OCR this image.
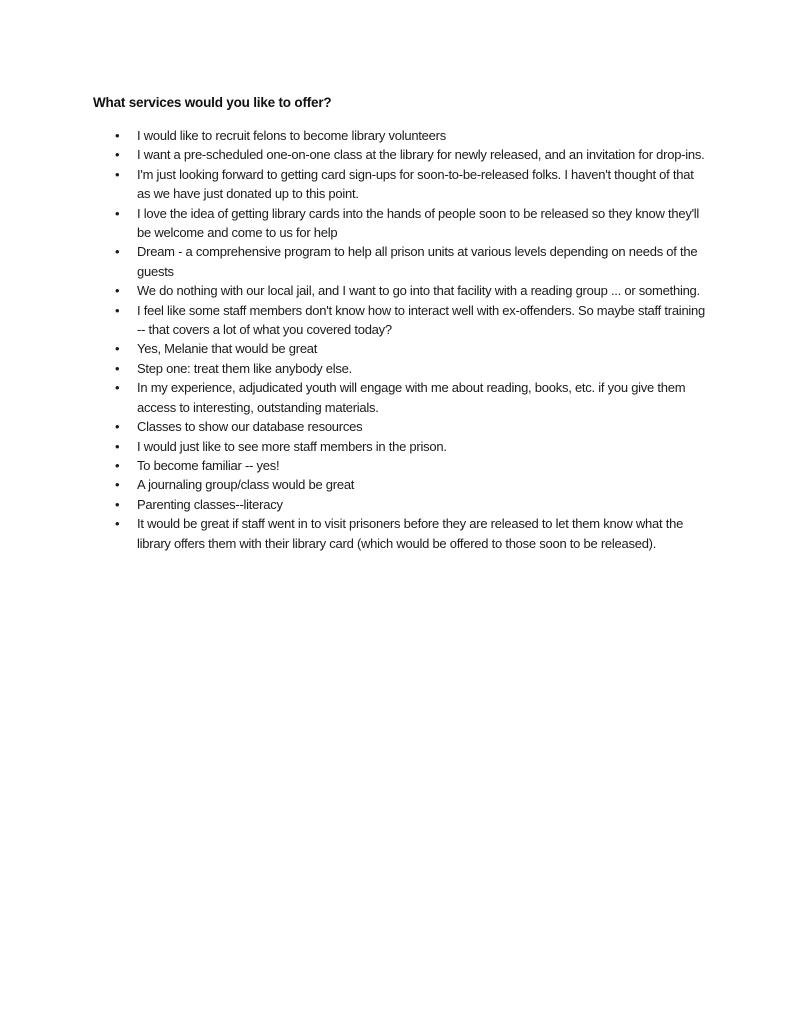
What services would you like to offer?
• I would like to recruit felons to become library volunteers
• I want a pre-scheduled one-on-one class at the library for newly released, and an invitation for drop-ins.
• I'm just looking forward to getting card sign-ups for soon-to-be-released folks. I haven't thought of that as we have just donated up to this point.
• I love the idea of getting library cards into the hands of people soon to be released so they know they'll be welcome and come to us for help
• Dream - a comprehensive program to help all prison units at various levels depending on needs of the guests
• We do nothing with our local jail, and I want to go into that facility with a reading group ... or something.
• I feel like some staff members don't know how to interact well with ex-offenders. So maybe staff training -- that covers a lot of what you covered today?
• Yes, Melanie that would be great
• Step one: treat them like anybody else.
• In my experience, adjudicated youth will engage with me about reading, books, etc. if you give them access to interesting, outstanding materials.
• Classes to show our database resources
• I would just like to see more staff members in the prison.
• To become familiar -- yes!
• A journaling group/class would be great
• Parenting classes--literacy
• It would be great if staff went in to visit prisoners before they are released to let them know what the library offers them with their library card (which would be offered to those soon to be released).
